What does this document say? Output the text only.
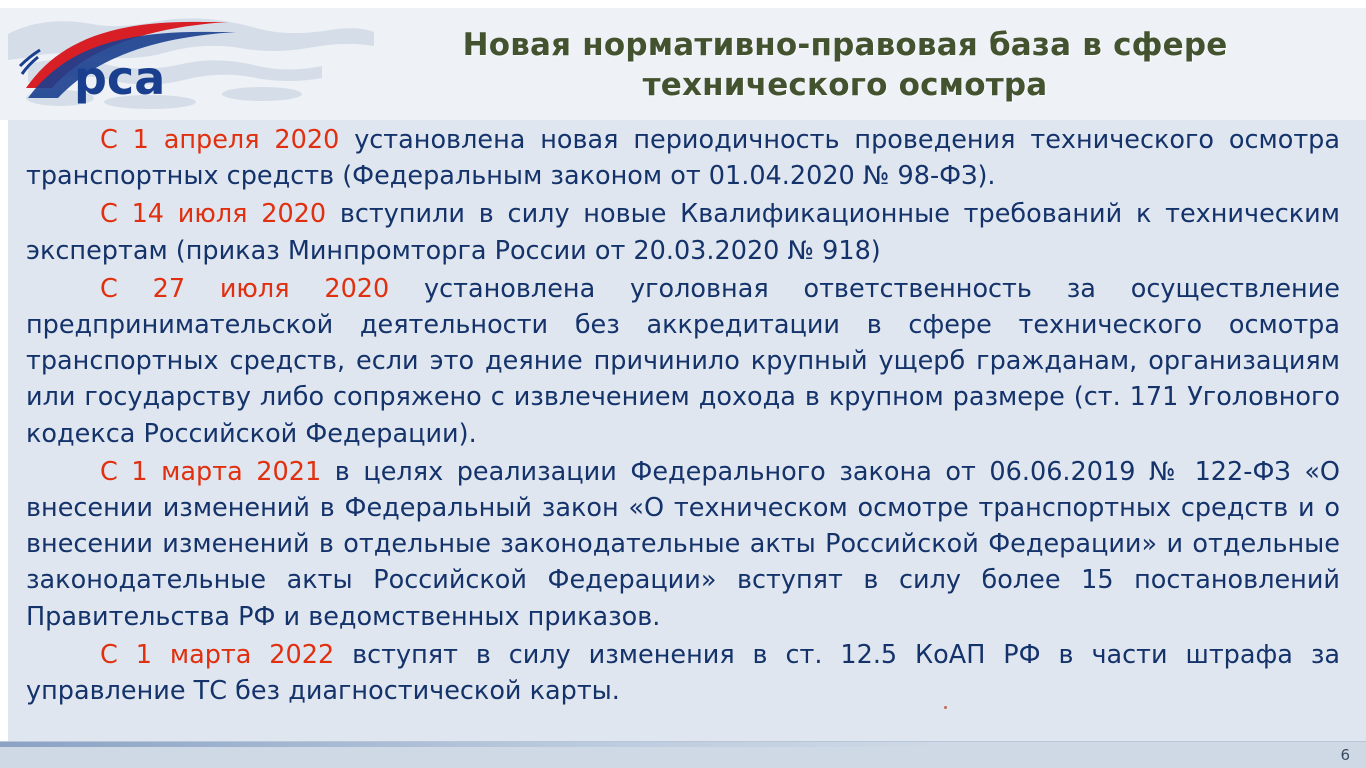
рса
Новая нормативно-правовая база в сфере
технического осмотра

С 1 апреля 2020 установлена новая периодичность проведения технического осмотра транспортных средств (Федеральным законом от 01.04.2020 № 98-ФЗ).

С 14 июля 2020 вступили в силу новые Квалификационные требований к техническим экспертам (приказ Минпромторга России от 20.03.2020 № 918)

С 27 июля 2020 установлена уголовная ответственность за осуществление предпринимательской деятельности без аккредитации в сфере технического осмотра транспортных средств, если это деяние причинило крупный ущерб гражданам, организациям или государству либо сопряжено с извлечением дохода в крупном размере (ст. 171 Уголовного кодекса Российской Федерации).

С 1 марта 2021 в целях реализации Федерального закона от 06.06.2019 № 122-ФЗ «О внесении изменений в Федеральный закон «О техническом осмотре транспортных средств и о внесении изменений в отдельные законодательные акты Российской Федерации» и отдельные законодательные акты Российской Федерации» вступят в силу более 15 постановлений Правительства РФ и ведомственных приказов.

С 1 марта 2022 вступят в силу изменения в ст. 12.5 КоАП РФ в части штрафа за управление ТС без диагностической карты.

6
